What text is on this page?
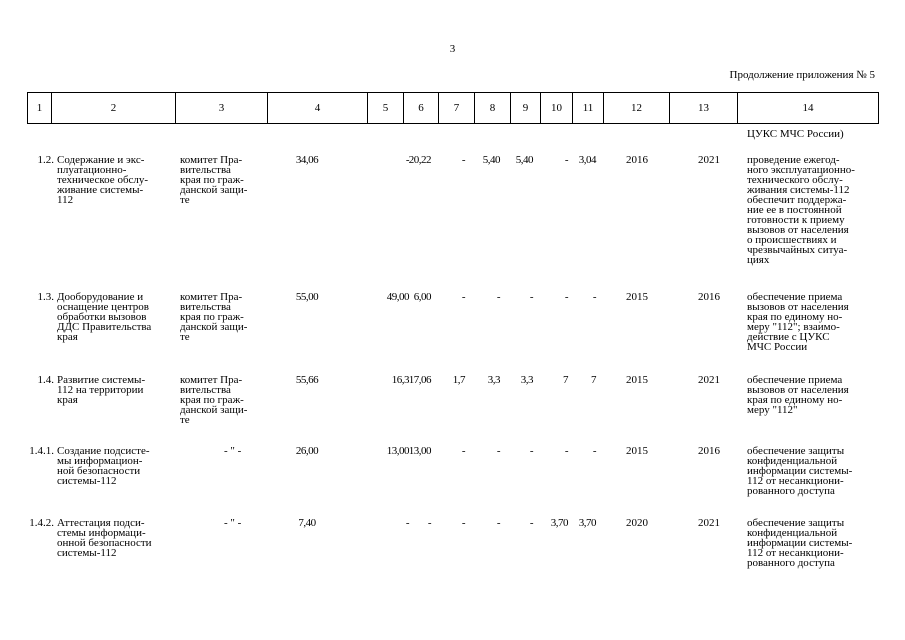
3
Продолжение приложения № 5
1	2	3	4	5	6	7	8	9	10	11	12	13	14
ЦУКС МЧС России)
1.2. Содержание и экс-
плуатационно-
техническое обслу-
живание системы-
112
комитет Пра-
вительства
края по граж-
данской защи-
те
34,06	- 20,22	-	5,40	5,40	- 3,04	2016	2021	проведение ежегод-
ного эксплуатационно-
технического обслу-
живания системы-112
обеспечит поддержа-
ние ее в постоянной
готовности к приему
вызовов от населения
о происшествиях и
чрезвычайных ситуа-
циях
1.3. Дооборудование и
оснащение центров
обработки вызовов
ДДС Правительства
края
комитет Пра-
вительства
края по граж-
данской защи-
те
55,00	49,00 6,00	-	-	-	-	-	2015	2016	обеспечение приема
вызовов от населения
края по единому но-
меру "112"; взаимо-
действие с ЦУКС
МЧС России
1.4. Развитие системы-
112 на территории
края
комитет Пра-
вительства
края по граж-
данской защи-
те
55,66	16,3 17,06	1,7	3,3	3,3	7	7	2015	2021	обеспечение приема
вызовов от населения
края по единому но-
меру "112"
1.4.1. Создание подсисте-
мы информацион-
ной безопасности
системы-112
- " -	26,00	13,00 13,00	-	-	-	-	-	2015	2016	обеспечение защиты
конфиденциальной
информации системы-
112 от несанкциони-
рованного доступа
1.4.2. Аттестация подси-
стемы информаци-
онной безопасности
системы-112
- " -	7,40	-	-	-	-	-	3,70 3,70	2020	2021	обеспечение защиты
конфиденциальной
информации системы-
112 от несанкциони-
рованного доступа
